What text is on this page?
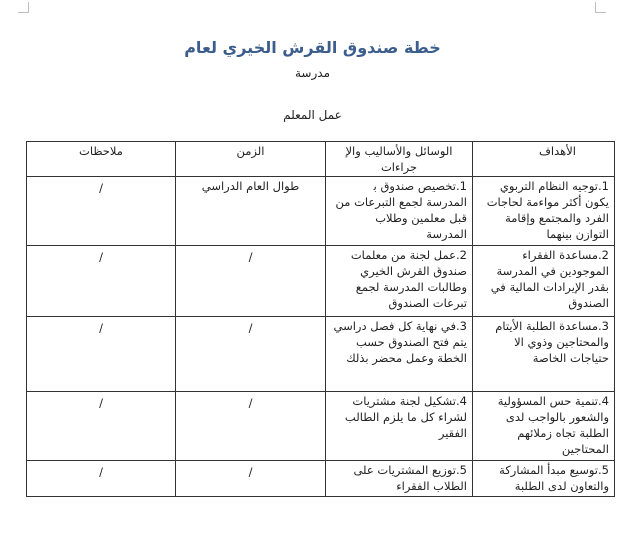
خطة صندوق القرش الخيري لعام
مدرسة
عمل المعلم
الأهداف	الوسائل والأساليب والإ جراءات	الزمن	ملاحظات
1.توجيه النظام التربوي يكون أكثر مواءمة لحاجات الفرد والمجتمع وإقامة التوازن بينهما	1.تخصيص صندوق ﺑ المدرسة لجمع التبرعات من قبل معلمين وطلاب المدرسة	طوال العام الدراسي	/
2.مساعدة الفقراء الموجودين في المدرسة بقدر الإيرادات المالية في الصندوق	2.عمل لجنة من معلمات صندوق القرش الخيري وطالبات المدرسة لجمع تبرعات الصندوق	/	/
3.مساعدة الطلبة الأيتام والمحتاجين وذوي الا حتياجات الخاصة	3.في نهاية كل فصل دراسي يتم فتح الصندوق حسب الخطة وعمل محضر بذلك	/	/
4.تنمية حس المسؤولية والشعور بالواجب لدى الطلبة تجاه زملائهم المحتاجين	4.تشكيل لجنة مشتريات لشراء كل ما يلزم الطالب الفقير	/	/
5.توسيع مبدأ المشاركة والتعاون لدى الطلبة	5.توزيع المشتريات على الطلاب الفقراء	/	/
